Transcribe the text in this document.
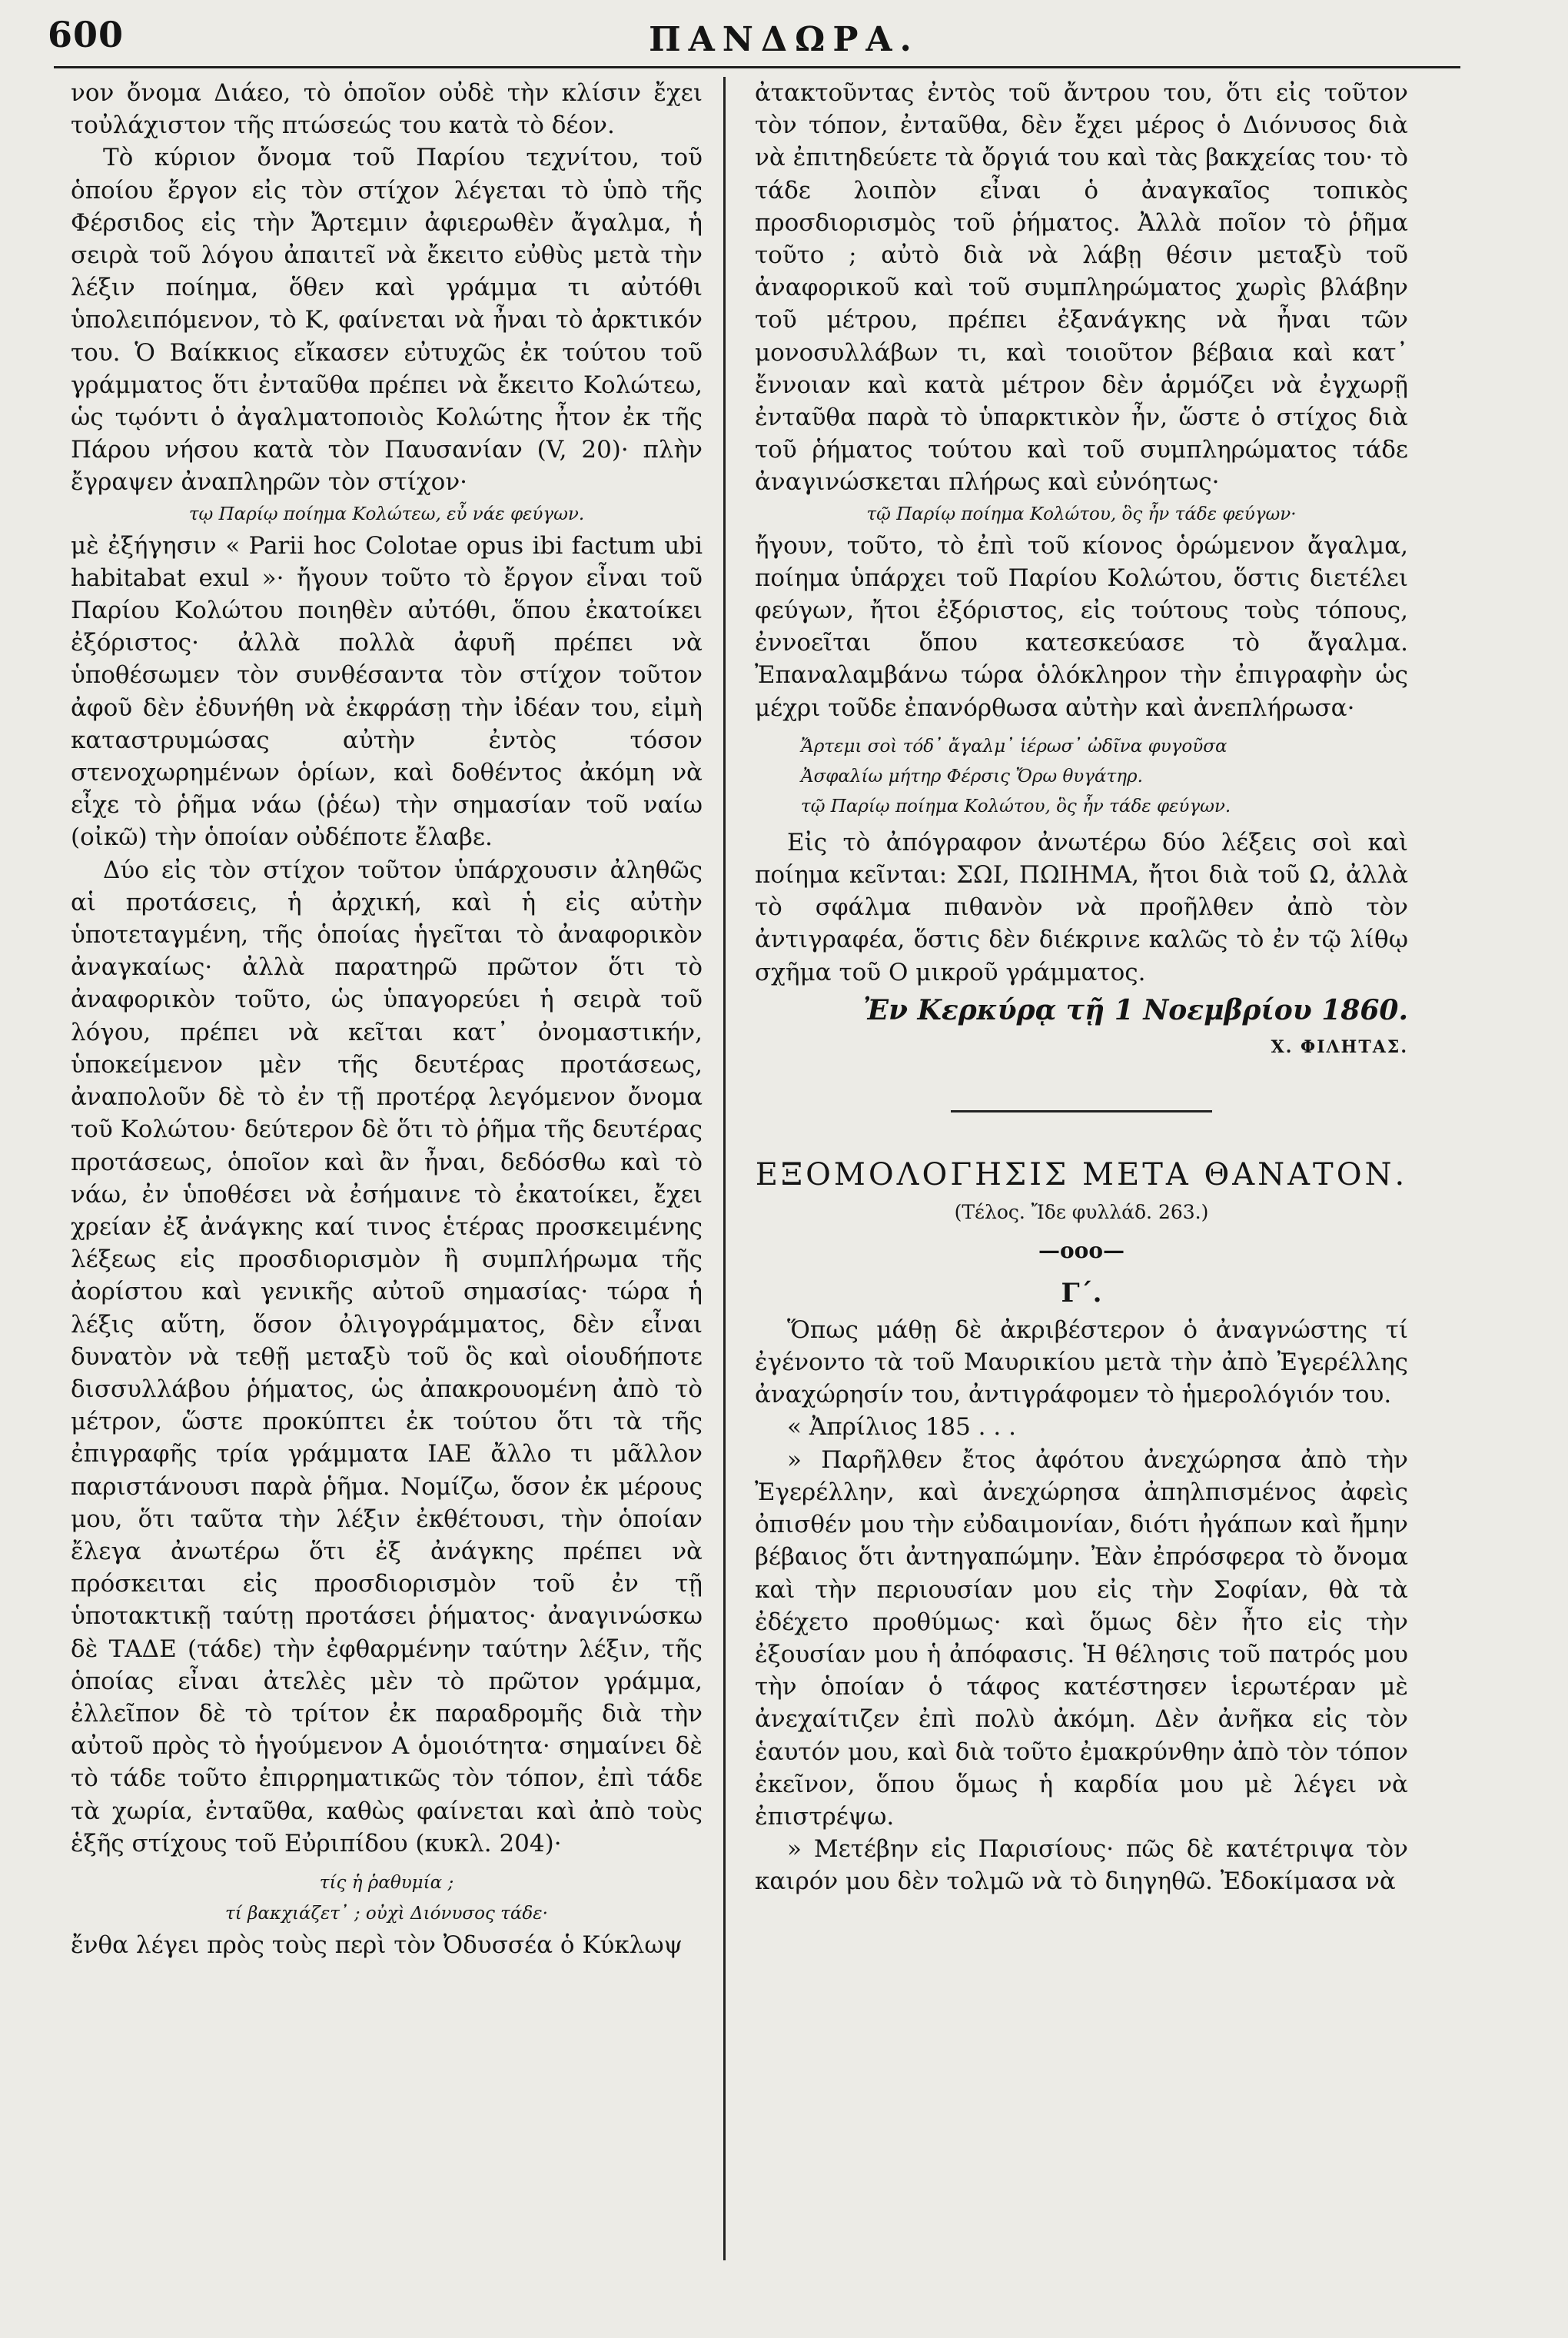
600	ΠΑΝΔΩΡΑ.

νον ὄνομα Διάεο, τὸ ὁποῖον οὐδὲ τὴν κλίσιν ἔχει τοὐλάχιστον τῆς πτώσεώς του κατὰ τὸ δέον.

Τὸ κύριον ὄνομα τοῦ Παρίου τεχνίτου, τοῦ ὁποίου ἔργον εἰς τὸν στίχον λέγεται τὸ ὑπὸ τῆς Φέρσιδος εἰς τὴν Ἄρτεμιν ἀφιερωθὲν ἄγαλμα, ἡ σειρὰ τοῦ λόγου ἀπαιτεῖ νὰ ἔκειτο εὐθὺς μετὰ τὴν λέξιν ποίημα, ὅθεν καὶ γράμμα τι αὐτόθι ὑπολειπόμενον, τὸ Κ, φαίνεται νὰ ἦναι τὸ ἀρκτικόν του. Ὁ Βαίκκιος εἴκασεν εὐτυχῶς ἐκ τούτου τοῦ γράμματος ὅτι ἐνταῦθα πρέπει νὰ ἔκειτο Κολώτεω, ὡς τῳόντι ὁ ἀγαλματοποιὸς Κολώτης ἦτον ἐκ τῆς Πάρου νήσου κατὰ τὸν Παυσανίαν (V, 20)· πλὴν ἔγραψεν ἀναπληρῶν τὸν στίχον·

τῳ Παρίῳ ποίημα Κολώτεω, εὖ νάε φεύγων.

μὲ ἐξήγησιν « Parii hoc Colotae opus ibi factum ubi habitabat exul »· ἤγουν τοῦτο τὸ ἔργον εἶναι τοῦ Παρίου Κολώτου ποιηθὲν αὐτόθι, ὅπου ἐκατοίκει ἐξόριστος· ἀλλὰ πολλὰ ἀφυῆ πρέπει νὰ ὑποθέσωμεν τὸν συνθέσαντα τὸν στίχον τοῦτον ἀφοῦ δὲν ἐδυνήθη νὰ ἐκφράσῃ τὴν ἰδέαν του, εἰμὴ καταστρυμώσας αὐτὴν ἐντὸς τόσον στενοχωρημένων ὁρίων, καὶ δοθέντος ἀκόμη νὰ εἶχε τὸ ῥῆμα νάω (ῥέω) τὴν σημασίαν τοῦ ναίω (οἰκῶ) τὴν ὁποίαν οὐδέποτε ἔλαβε.

Δύο εἰς τὸν στίχον τοῦτον ὑπάρχουσιν ἀληθῶς αἱ προτάσεις, ἡ ἀρχική, καὶ ἡ εἰς αὐτὴν ὑποτεταγμένη, τῆς ὁποίας ἡγεῖται τὸ ἀναφορικὸν ἀναγκαίως· ἀλλὰ παρατηρῶ πρῶτον ὅτι τὸ ἀναφορικὸν τοῦτο, ὡς ὑπαγορεύει ἡ σειρὰ τοῦ λόγου, πρέπει νὰ κεῖται κατ᾽ ὀνομαστικήν, ὑποκείμενον μὲν τῆς δευτέρας προτάσεως, ἀναπολοῦν δὲ τὸ ἐν τῇ προτέρᾳ λεγόμενον ὄνομα τοῦ Κολώτου· δεύτερον δὲ ὅτι τὸ ῥῆμα τῆς δευτέρας προτάσεως, ὁποῖον καὶ ἂν ἦναι, δεδόσθω καὶ τὸ νάω, ἐν ὑποθέσει νὰ ἐσήμαινε τὸ ἐκατοίκει, ἔχει χρείαν ἐξ ἀνάγκης καί τινος ἑτέρας προσκειμένης λέξεως εἰς προσδιορισμὸν ἢ συμπλήρωμα τῆς ἀορίστου καὶ γενικῆς αὐτοῦ σημασίας· τώρα ἡ λέξις αὕτη, ὅσον ὀλιγογράμματος, δὲν εἶναι δυνατὸν νὰ τεθῇ μεταξὺ τοῦ ὃς καὶ οἱουδήποτε δισσυλλάβου ῥήματος, ὡς ἀπακρουομένη ἀπὸ τὸ μέτρον, ὥστε προκύπτει ἐκ τούτου ὅτι τὰ τῆς ἐπιγραφῆς τρία γράμματα ΙΑΕ ἄλλο τι μᾶλλον παριστάνουσι παρὰ ῥῆμα. Νομίζω, ὅσον ἐκ μέρους μου, ὅτι ταῦτα τὴν λέξιν ἐκθέτουσι, τὴν ὁποίαν ἔλεγα ἀνωτέρω ὅτι ἐξ ἀνάγκης πρέπει νὰ πρόσκειται εἰς προσδιορισμὸν τοῦ ἐν τῇ ὑποτακτικῇ ταύτῃ προτάσει ῥήματος· ἀναγινώσκω δὲ ΤΑΔΕ (τάδε) τὴν ἐφθαρμένην ταύτην λέξιν, τῆς ὁποίας εἶναι ἀτελὲς μὲν τὸ πρῶτον γράμμα, ἐλλεῖπον δὲ τὸ τρίτον ἐκ παραδρομῆς διὰ τὴν αὐτοῦ πρὸς τὸ ἡγούμενον Α ὁμοιότητα· σημαίνει δὲ τὸ τάδε τοῦτο ἐπιρρηματικῶς τὸν τόπον, ἐπὶ τάδε τὰ χωρία, ἐνταῦθα, καθὼς φαίνεται καὶ ἀπὸ τοὺς ἑξῆς στίχους τοῦ Εὐριπίδου (κυκλ. 204)·

τίς ἡ ῥαθυμία ;

τί βακχιάζετ᾽ ; οὐχὶ Διόνυσος τάδε·

ἔνθα λέγει πρὸς τοὺς περὶ τὸν Ὀδυσσέα ὁ Κύκλωψ

ἀτακτοῦντας ἐντὸς τοῦ ἄντρου του, ὅτι εἰς τοῦτον τὸν τόπον, ἐνταῦθα, δὲν ἔχει μέρος ὁ Διόνυσος διὰ νὰ ἐπιτηδεύετε τὰ ὄργιά του καὶ τὰς βακχείας του· τὸ τάδε λοιπὸν εἶναι ὁ ἀναγκαῖος τοπικὸς προσδιορισμὸς τοῦ ῥήματος. Ἀλλὰ ποῖον τὸ ῥῆμα τοῦτο ; αὐτὸ διὰ νὰ λάβῃ θέσιν μεταξὺ τοῦ ἀναφορικοῦ καὶ τοῦ συμπληρώματος χωρὶς βλάβην τοῦ μέτρου, πρέπει ἐξανάγκης νὰ ἦναι τῶν μονοσυλλάβων τι, καὶ τοιοῦτον βέβαια καὶ κατ᾽ ἔννοιαν καὶ κατὰ μέτρον δὲν ἁρμόζει νὰ ἐγχωρῇ ἐνταῦθα παρὰ τὸ ὑπαρκτικὸν ἦν, ὥστε ὁ στίχος διὰ τοῦ ῥήματος τούτου καὶ τοῦ συμπληρώματος τάδε ἀναγινώσκεται πλήρως καὶ εὐνόητως·

τῷ Παρίῳ ποίημα Κολώτου, ὃς ἦν τάδε φεύγων·

ἤγουν, τοῦτο, τὸ ἐπὶ τοῦ κίονος ὁρώμενον ἄγαλμα, ποίημα ὑπάρχει τοῦ Παρίου Κολώτου, ὅστις διετέλει φεύγων, ἤτοι ἐξόριστος, εἰς τούτους τοὺς τόπους, ἐννοεῖται ὅπου κατεσκεύασε τὸ ἄγαλμα. Ἐπαναλαμβάνω τώρα ὁλόκληρον τὴν ἐπιγραφὴν ὡς μέχρι τοῦδε ἐπανόρθωσα αὐτὴν καὶ ἀνεπλήρωσα·

Ἄρτεμι σοὶ τόδ᾽ ἄγαλμ᾽ ἱέρωσ᾽ ὠδῖνα φυγοῦσα
Ἀσφαλίω μήτηρ Φέρσις Ὄρω θυγάτηρ.
τῷ Παρίῳ ποίημα Κολώτου, ὃς ἦν τάδε φεύγων.

Εἰς τὸ ἀπόγραφον ἀνωτέρω δύο λέξεις σοὶ καὶ ποίημα κεῖνται: ΣΩΙ, ΠΩΙΗΜΑ, ἤτοι διὰ τοῦ Ω, ἀλλὰ τὸ σφάλμα πιθανὸν νὰ προῆλθεν ἀπὸ τὸν ἀντιγραφέα, ὅστις δὲν διέκρινε καλῶς τὸ ἐν τῷ λίθῳ σχῆμα τοῦ Ο μικροῦ γράμματος.

Ἐν Κερκύρᾳ τῇ 1 Νοεμβρίου 1860.

Χ. ΦΙΛΗΤΑΣ.

ΕΞΟΜΟΛΟΓΗΣΙΣ ΜΕΤΑ ΘΑΝΑΤΟΝ.

(Τέλος. Ἴδε φυλλάδ. 263.)

—ooo—

Γ΄.

Ὅπως μάθῃ δὲ ἀκριβέστερον ὁ ἀναγνώστης τί ἐγένοντο τὰ τοῦ Μαυρικίου μετὰ τὴν ἀπὸ Ἐγερέλλης ἀναχώρησίν του, ἀντιγράφομεν τὸ ἡμερολόγιόν του.

« Ἀπρίλιος 185 . . .

» Παρῆλθεν ἔτος ἀφότου ἀνεχώρησα ἀπὸ τὴν Ἐγερέλλην, καὶ ἀνεχώρησα ἀπηλπισμένος ἀφεὶς ὀπισθέν μου τὴν εὐδαιμονίαν, διότι ἠγάπων καὶ ἤμην βέβαιος ὅτι ἀντηγαπώμην. Ἐὰν ἐπρόσφερα τὸ ὄνομα καὶ τὴν περιουσίαν μου εἰς τὴν Σοφίαν, θὰ τὰ ἐδέχετο προθύμως· καὶ ὅμως δὲν ἦτο εἰς τὴν ἐξουσίαν μου ἡ ἀπόφασις. Ἡ θέλησις τοῦ πατρός μου τὴν ὁποίαν ὁ τάφος κατέστησεν ἱερωτέραν μὲ ἀνεχαίτιζεν ἐπὶ πολὺ ἀκόμη. Δὲν ἀνῆκα εἰς τὸν ἑαυτόν μου, καὶ διὰ τοῦτο ἐμακρύνθην ἀπὸ τὸν τόπον ἐκεῖνον, ὅπου ὅμως ἡ καρδία μου μὲ λέγει νὰ ἐπιστρέψω.

» Μετέβην εἰς Παρισίους· πῶς δὲ κατέτριψα τὸν καιρόν μου δὲν τολμῶ νὰ τὸ διηγηθῶ. Ἐδοκίμασα νὰ
